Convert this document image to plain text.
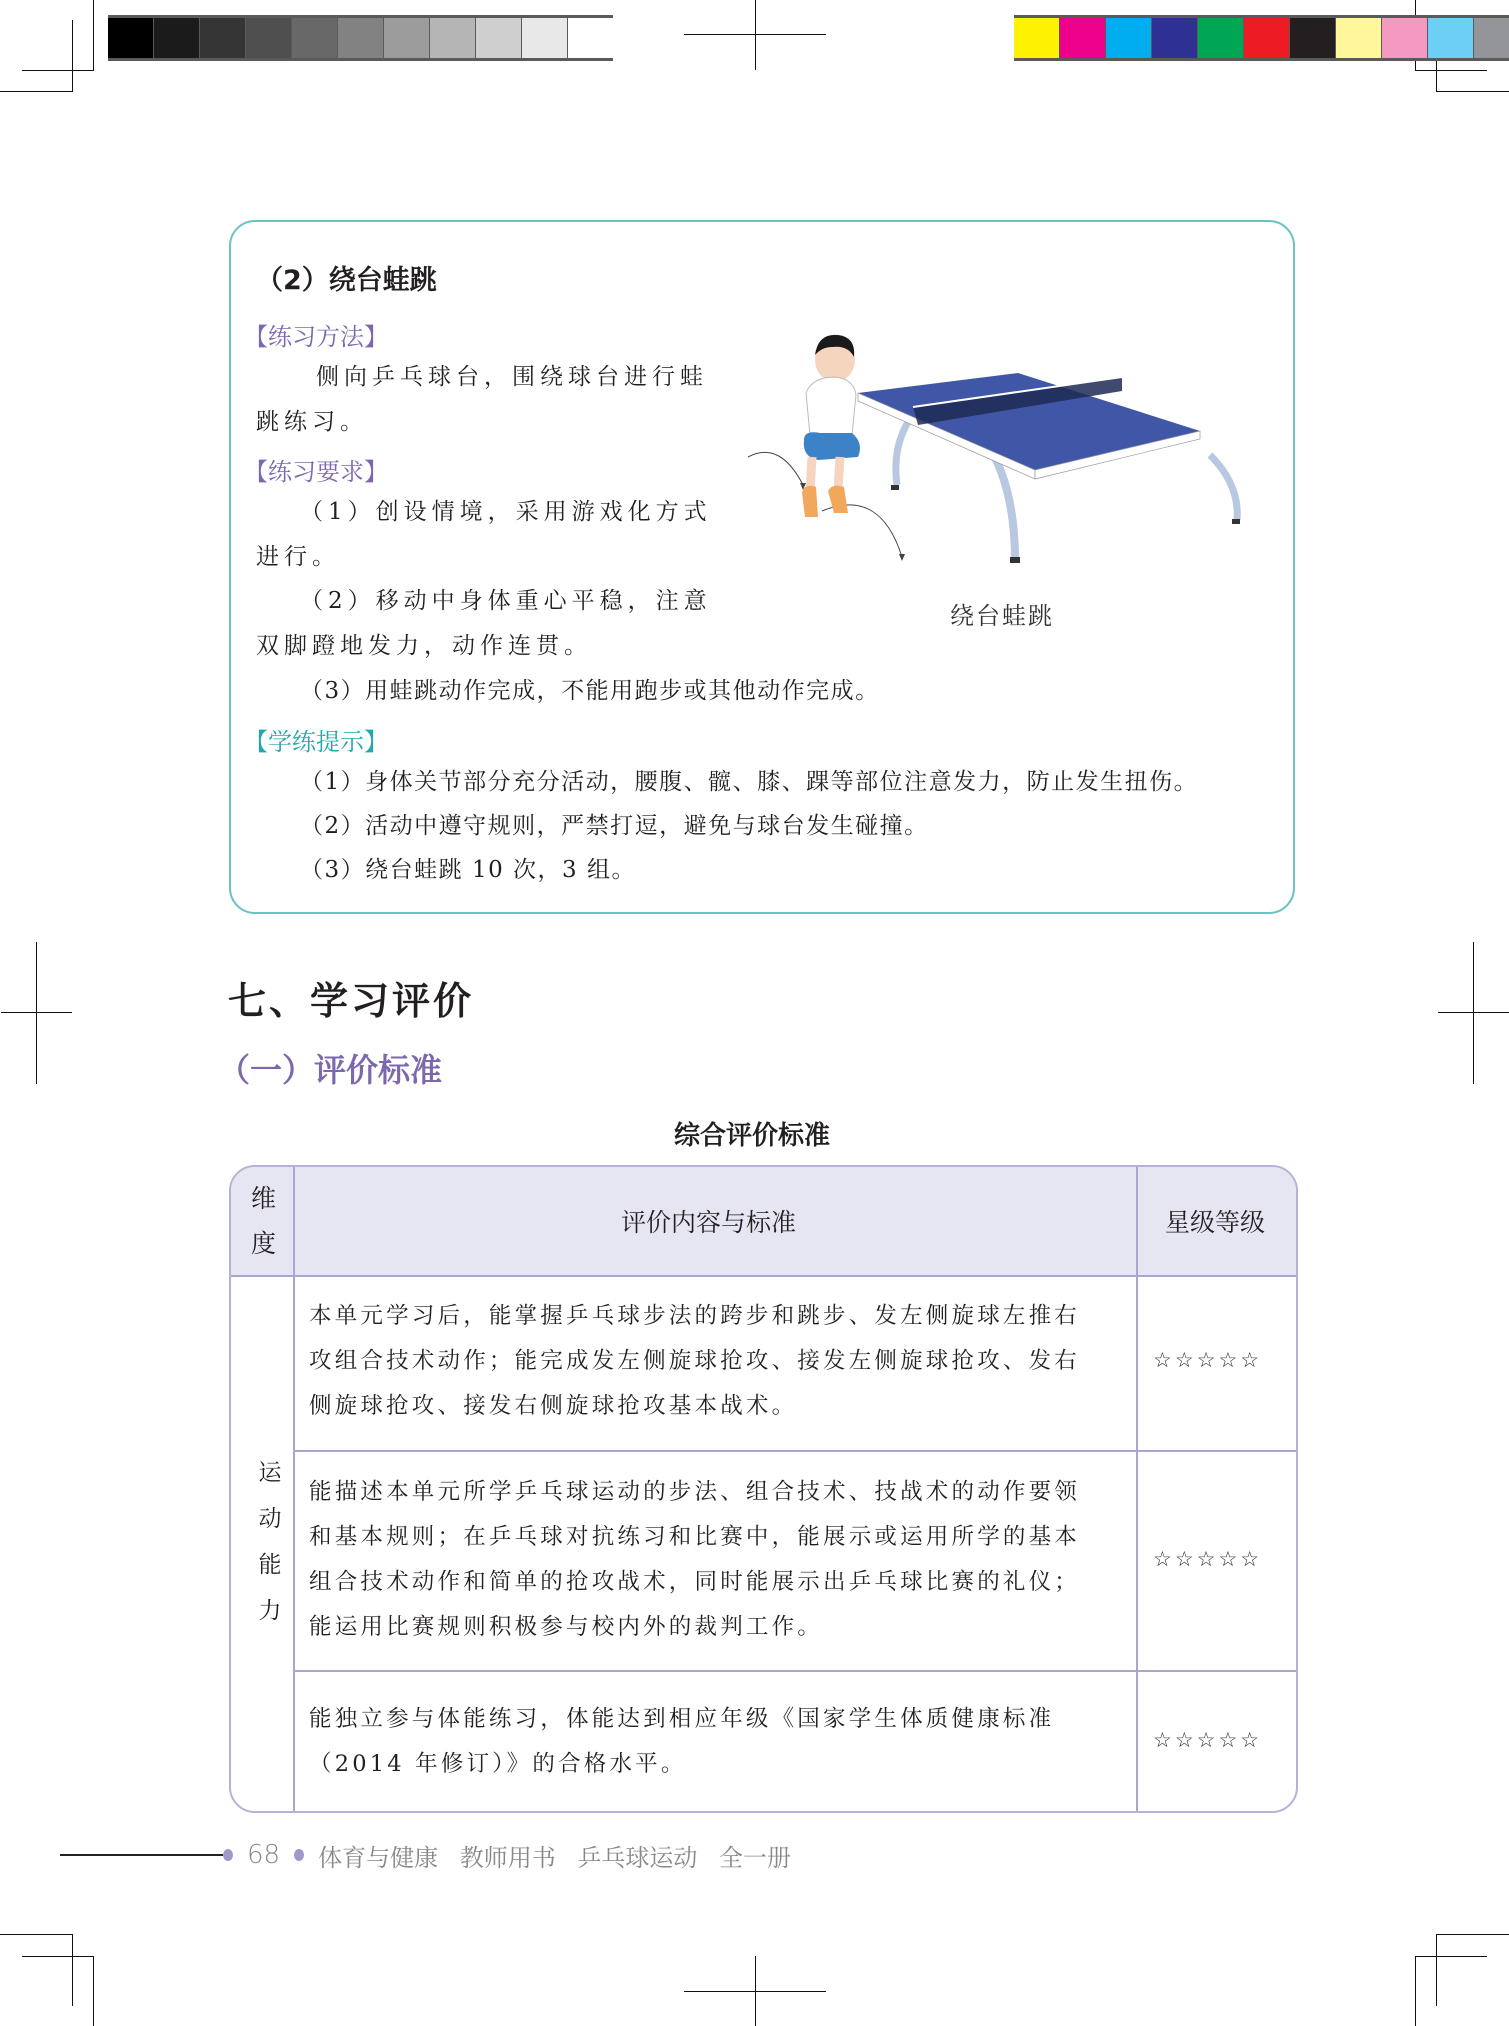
（2）绕台蛙跳
【练习方法】
侧向乒乓球台，围绕球台进行蛙
跳练习。
【练习要求】
（1）创设情境，采用游戏化方式
进行。
（2）移动中身体重心平稳，注意
双脚蹬地发力，动作连贯。
（3）用蛙跳动作完成，不能用跑步或其他动作完成。
【学练提示】
（1）身体关节部分充分活动，腰腹、髋、膝、踝等部位注意发力，防止发生扭伤。
（2）活动中遵守规则，严禁打逗，避免与球台发生碰撞。
（3）绕台蛙跳 10 次，3 组。
绕台蛙跳
七、学习评价
（一）评价标准
综合评价标准
维
度
评价内容与标准	星级等级
运
动
能
力
本单元学习后，能掌握乒乓球步法的跨步和跳步、发左侧旋球左推右
攻组合技术动作；能完成发左侧旋球抢攻、接发左侧旋球抢攻、发右
侧旋球抢攻、接发右侧旋球抢攻基本战术。
☆☆☆☆☆
能描述本单元所学乒乓球运动的步法、组合技术、技战术的动作要领
和基本规则；在乒乓球对抗练习和比赛中，能展示或运用所学的基本
组合技术动作和简单的抢攻战术，同时能展示出乒乓球比赛的礼仪；
能运用比赛规则积极参与校内外的裁判工作。
☆☆☆☆☆
能独立参与体能练习，体能达到相应年级《国家学生体质健康标准
（2014 年修订）》的合格水平。
☆☆☆☆☆
68 体育与健康 教师用书 乒乓球运动 全一册
